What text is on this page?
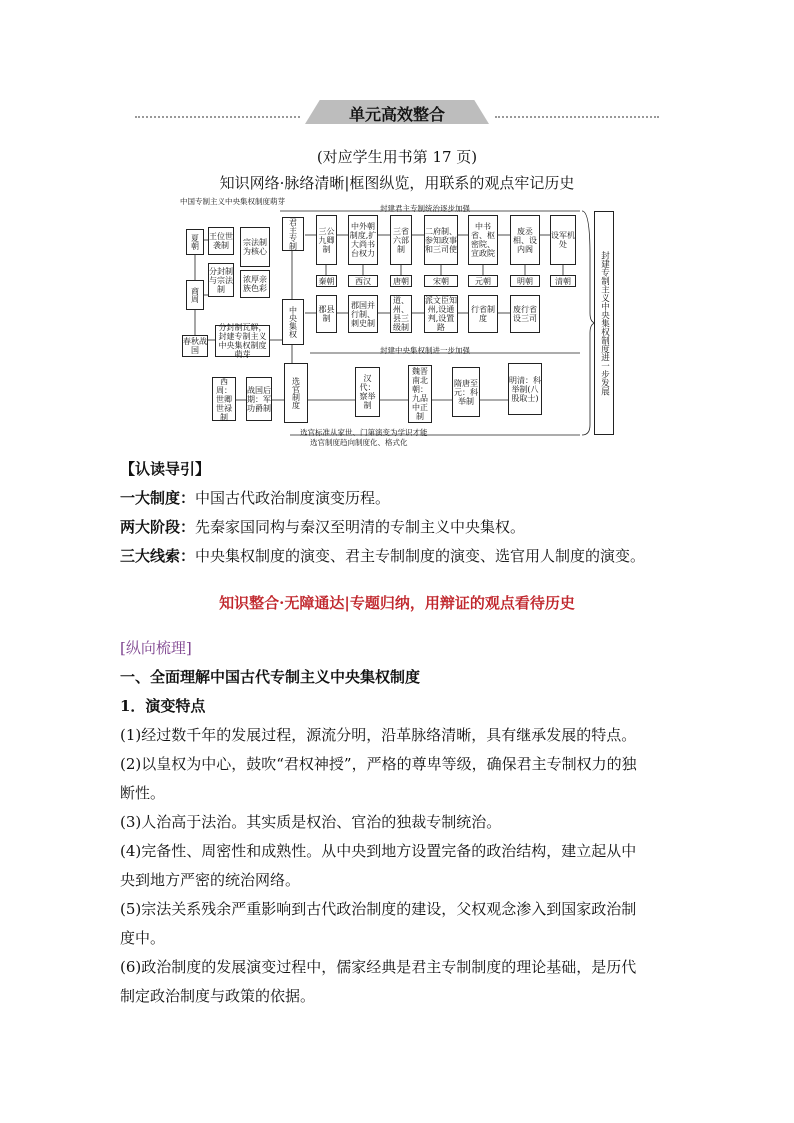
单元高效整合
(对应学生用书第 17 页)
知识网络·脉络清晰|框图纵览，用联系的观点牢记历史
中国专制主义中央集权制度萌芽
封建君主专制统治逐步加强
封建中央集权制进一步加强
选官标准从家世、门第演变为学识才能
选官制度趋向制度化、格式化
封建专制主义中央集权制度进一步发展
夏朝
商周
春秋战国
王位世袭制
分封制与宗法制
宗法制为核心
浓厚亲族色彩
分封制瓦解，封建专制主义中央集权制度萌芽
君主专制
中央集权
选官制度
三公九卿制
中外朝制度,扩大尚书台权力
三省六部制
二府制、参知政事和三司使
中书省、枢密院、宣政院
废丞相、设内阁
设军机处
秦朝	西汉	唐朝	宋朝	元朝	明朝	清朝
郡县制
郡国并行制、刺史制
道、州、县三级制
派文臣知州,设通判,设置路
行省制度
废行省设三司
西周：世卿世禄制
战国后期：军功爵制
汉代：察举制
魏晋南北朝：九品中正制
隋唐至元：科举制
明清：科举制(八股取士)
【认读导引】
一大制度：中国古代政治制度演变历程。
两大阶段：先秦家国同构与秦汉至明清的专制主义中央集权。
三大线索：中央集权制度的演变、君主专制制度的演变、选官用人制度的演变。
知识整合·无障通达|专题归纳，用辩证的观点看待历史
[纵向梳理]
一、全面理解中国古代专制主义中央集权制度
1．演变特点
(1)经过数千年的发展过程，源流分明，沿革脉络清晰，具有继承发展的特点。
(2)以皇权为中心，鼓吹“君权神授”，严格的尊卑等级，确保君主专制权力的独
断性。
(3)人治高于法治。其实质是权治、官治的独裁专制统治。
(4)完备性、周密性和成熟性。从中央到地方设置完备的政治结构，建立起从中
央到地方严密的统治网络。
(5)宗法关系残余严重影响到古代政治制度的建设，父权观念渗入到国家政治制
度中。
(6)政治制度的发展演变过程中，儒家经典是君主专制制度的理论基础，是历代
制定政治制度与政策的依据。
